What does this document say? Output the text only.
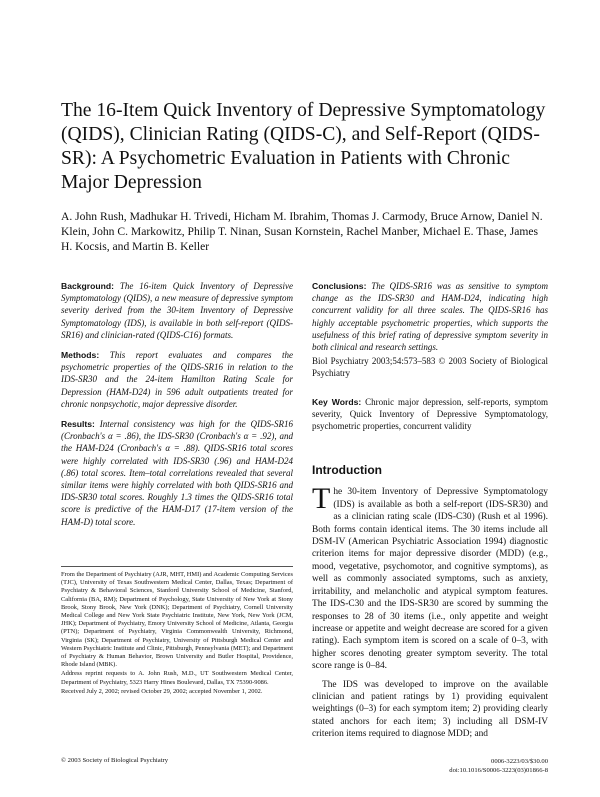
The 16-Item Quick Inventory of Depressive Symptomatology (QIDS), Clinician Rating (QIDS-C), and Self-Report (QIDS-SR): A Psychometric Evaluation in Patients with Chronic Major Depression
A. John Rush, Madhukar H. Trivedi, Hicham M. Ibrahim, Thomas J. Carmody, Bruce Arnow, Daniel N. Klein, John C. Markowitz, Philip T. Ninan, Susan Kornstein, Rachel Manber, Michael E. Thase, James H. Kocsis, and Martin B. Keller

Background: The 16-item Quick Inventory of Depressive Symptomatology (QIDS), a new measure of depressive symptom severity derived from the 30-item Inventory of Depressive Symptomatology (IDS), is available in both self-report (QIDS-SR16) and clinician-rated (QIDS-C16) formats.

Methods: This report evaluates and compares the psychometric properties of the QIDS-SR16 in relation to the IDS-SR30 and the 24-item Hamilton Rating Scale for Depression (HAM-D24) in 596 adult outpatients treated for chronic nonpsychotic, major depressive disorder.

Results: Internal consistency was high for the QIDS-SR16 (Cronbach's α = .86), the IDS-SR30 (Cronbach's α = .92), and the HAM-D24 (Cronbach's α = .88). QIDS-SR16 total scores were highly correlated with IDS-SR30 (.96) and HAM-D24 (.86) total scores. Item–total correlations revealed that several similar items were highly correlated with both QIDS-SR16 and IDS-SR30 total scores. Roughly 1.3 times the QIDS-SR16 total score is predictive of the HAM-D17 (17-item version of the HAM-D) total score.

Conclusions: The QIDS-SR16 was as sensitive to symptom change as the IDS-SR30 and HAM-D24, indicating high concurrent validity for all three scales. The QIDS-SR16 has highly acceptable psychometric properties, which supports the usefulness of this brief rating of depressive symptom severity in both clinical and research settings.

Biol Psychiatry 2003;54:573–583 © 2003 Society of Biological Psychiatry

Key Words: Chronic major depression, self-reports, symptom severity, Quick Inventory of Depressive Symptomatology, psychometric properties, concurrent validity

Introduction
The 30-item Inventory of Depressive Symptomatology (IDS) is available as both a self-report (IDS-SR30) and as a clinician rating scale (IDS-C30) (Rush et al 1996). Both forms contain identical items. The 30 items include all DSM-IV (American Psychiatric Association 1994) diagnostic criterion items for major depressive disorder (MDD) (e.g., mood, vegetative, psychomotor, and cognitive symptoms), as well as commonly associated symptoms, such as anxiety, irritability, and melancholic and atypical symptom features. The IDS-C30 and the IDS-SR30 are scored by summing the responses to 28 of 30 items (i.e., only appetite and weight increase or appetite and weight decrease are scored for a given rating). Each symptom item is scored on a scale of 0–3, with higher scores denoting greater symptom severity. The total score range is 0–84.
The IDS was developed to improve on the available clinician and patient ratings by 1) providing equivalent weightings (0–3) for each symptom item; 2) providing clearly stated anchors for each item; 3) including all DSM-IV criterion items required to diagnose MDD; and

From the Department of Psychiatry (AJR, MHT, HMI) and Academic Computing Services (TJC), University of Texas Southwestern Medical Center, Dallas, Texas; Department of Psychiatry & Behavioral Sciences, Stanford University School of Medicine, Stanford, California (BA, RM); Department of Psychology, State University of New York at Stony Brook, Stony Brook, New York (DNK); Department of Psychiatry, Cornell University Medical College and New York State Psychiatric Institute, New York, New York (JCM, JHK); Department of Psychiatry, Emory University School of Medicine, Atlanta, Georgia (PTN); Department of Psychiatry, Virginia Commonwealth University, Richmond, Virginia (SK); Department of Psychiatry, University of Pittsburgh Medical Center and Western Psychiatric Institute and Clinic, Pittsburgh, Pennsylvania (MET); and Department of Psychiatry & Human Behavior, Brown University and Butler Hospital, Providence, Rhode Island (MBK).

Address reprint requests to A. John Rush, M.D., UT Southwestern Medical Center, Department of Psychiatry, 5323 Harry Hines Boulevard, Dallas, TX 75390-9086.

Received July 2, 2002; revised October 29, 2002; accepted November 1, 2002.

© 2003 Society of Biological Psychiatry	0006-3223/03/$30.00
doi:10.1016/S0006-3223(03)01866-8
